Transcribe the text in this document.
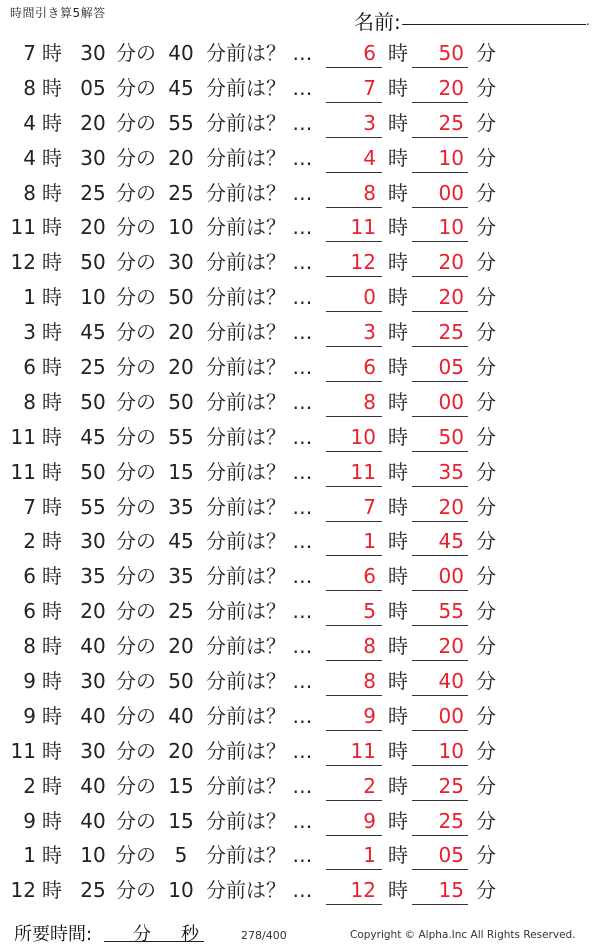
時間引き算5解答	名前:	.
7 時 30 分の 40 分前は？ …	6 時	50 分
8 時 05 分の 45 分前は？ …	7 時	20 分
4 時 20 分の 55 分前は？ …	3 時	25 分
4 時 30 分の 20 分前は？ …	4 時	10 分
8 時 25 分の 25 分前は？ …	8 時	00 分
11 時 20 分の 10 分前は？ …	11 時	10 分
12 時 50 分の 30 分前は？ …	12 時	20 分
1 時 10 分の 50 分前は？ …	0 時	20 分
3 時 45 分の 20 分前は？ …	3 時	25 分
6 時 25 分の 20 分前は？ …	6 時	05 分
8 時 50 分の 50 分前は？ …	8 時	00 分
11 時 45 分の 55 分前は？ …	10 時	50 分
11 時 50 分の 15 分前は？ …	11 時	35 分
7 時 55 分の 35 分前は？ …	7 時	20 分
2 時 30 分の 45 分前は？ …	1 時	45 分
6 時 35 分の 35 分前は？ …	6 時	00 分
6 時 20 分の 25 分前は？ …	5 時	55 分
8 時 40 分の 20 分前は？ …	8 時	20 分
9 時 30 分の 50 分前は？ …	8 時	40 分
9 時 40 分の 40 分前は？ …	9 時	00 分
11 時 30 分の 20 分前は？ …	11 時	10 分
2 時 40 分の 15 分前は？ …	2 時	25 分
9 時 40 分の 15 分前は？ …	9 時	25 分
1 時 10 分の 5 分前は？ …	1 時	05 分
12 時 25 分の 10 分前は？ …	12 時	15 分
所要時間: 分 秒	278/400	Copyright © Alpha.Inc All Rights Reserved.
